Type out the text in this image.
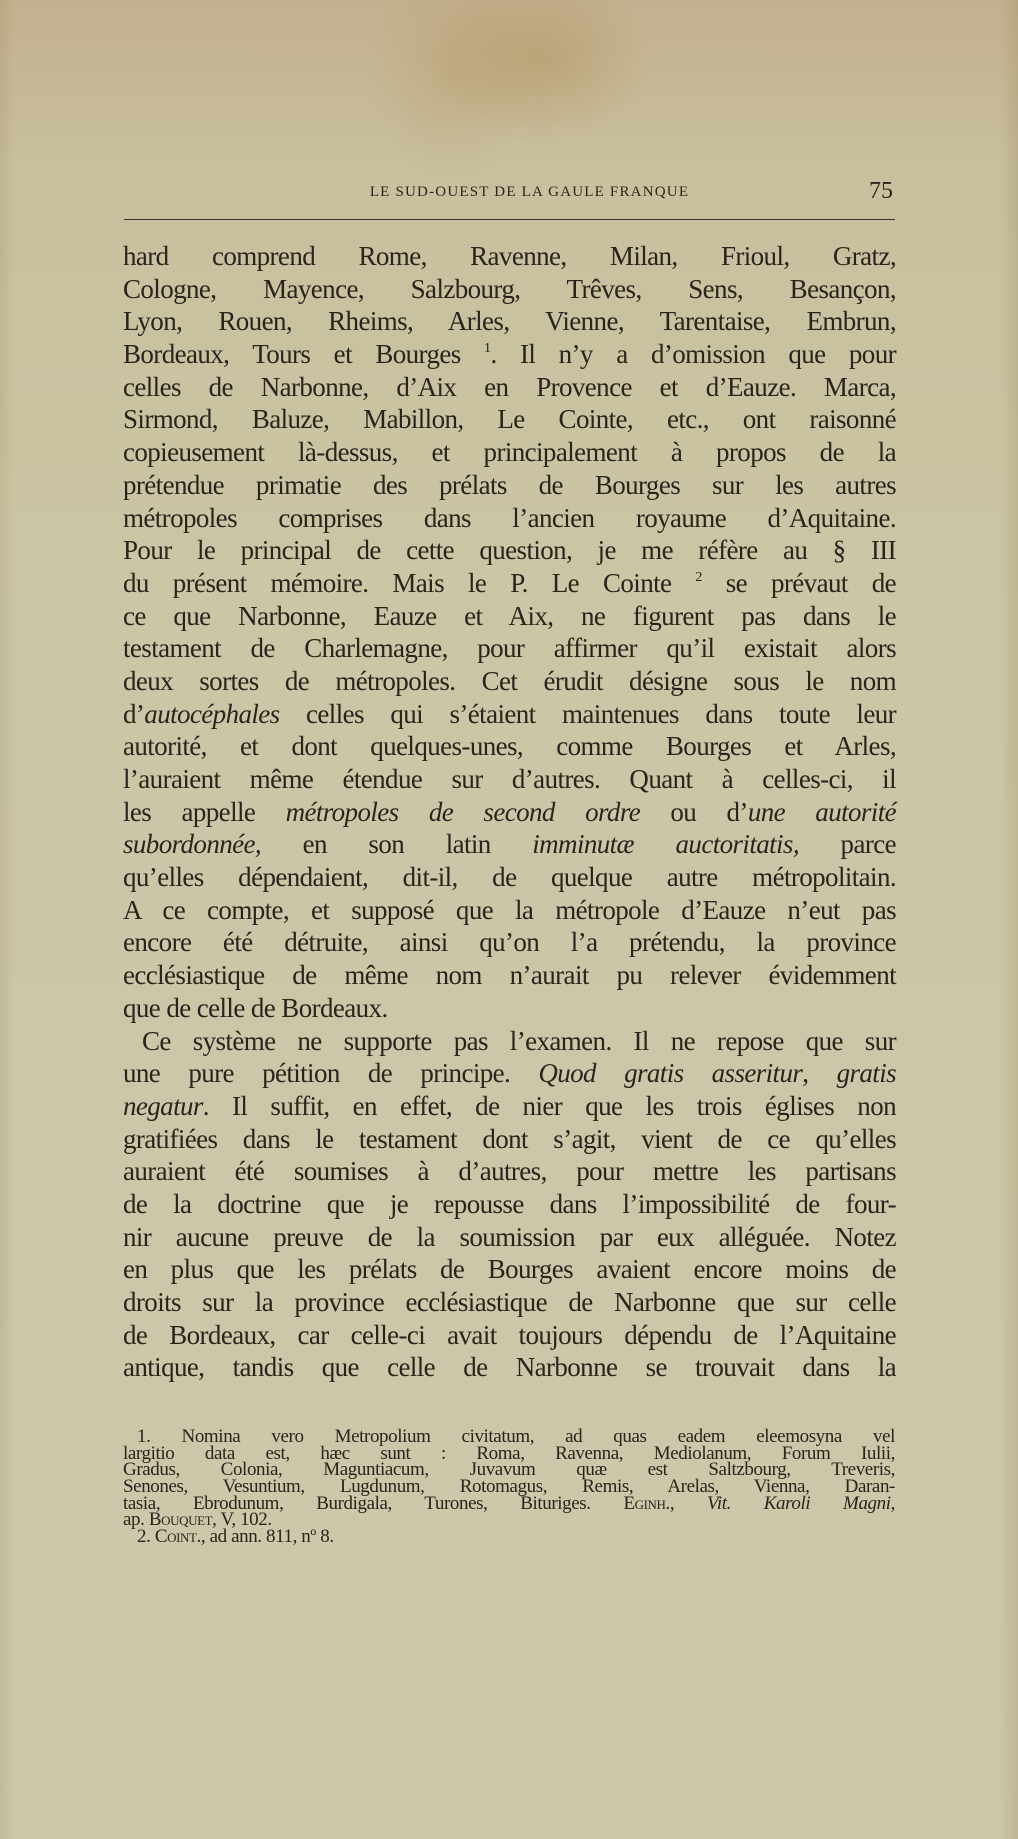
LE SUD-OUEST DE LA GAULE FRANQUE	75
hard comprend Rome, Ravenne, Milan, Frioul, Gratz,
Cologne, Mayence, Salzbourg, Trêves, Sens, Besançon,
Lyon, Rouen, Rheims, Arles, Vienne, Tarentaise, Embrun,
Bordeaux, Tours et Bourges $^1$. Il n’y a d’omission que pour
celles de Narbonne, d’Aix en Provence et d’Eauze. Marca,
Sirmond, Baluze, Mabillon, Le Cointe, etc., ont raisonné
copieusement là-dessus, et principalement à propos de la
prétendue primatie des prélats de Bourges sur les autres
métropoles comprises dans l’ancien royaume d’Aquitaine.
Pour le principal de cette question, je me réfère au § III
du présent mémoire. Mais le P. Le Cointe $^2$ se prévaut de
ce que Narbonne, Eauze et Aix, ne figurent pas dans le
testament de Charlemagne, pour affirmer qu’il existait alors
deux sortes de métropoles. Cet érudit désigne sous le nom
d’autocéphales celles qui s’étaient maintenues dans toute leur
autorité, et dont quelques-unes, comme Bourges et Arles,
l’auraient même étendue sur d’autres. Quant à celles-ci, il
les appelle métropoles de second ordre ou d’une autorité
subordonnée, en son latin imminutæ auctoritatis, parce
qu’elles dépendaient, dit-il, de quelque autre métropolitain.
A ce compte, et supposé que la métropole d’Eauze n’eut pas
encore été détruite, ainsi qu’on l’a prétendu, la province
ecclésiastique de même nom n’aurait pu relever évidemment
que de celle de Bordeaux.
Ce système ne supporte pas l’examen. Il ne repose que sur
une pure pétition de principe. Quod gratis asseritur, gratis
negatur. Il suffit, en effet, de nier que les trois églises non
gratifiées dans le testament dont s’agit, vient de ce qu’elles
auraient été soumises à d’autres, pour mettre les partisans
de la doctrine que je repousse dans l’impossibilité de four-
nir aucune preuve de la soumission par eux alléguée. Notez
en plus que les prélats de Bourges avaient encore moins de
droits sur la province ecclésiastique de Narbonne que sur celle
de Bordeaux, car celle-ci avait toujours dépendu de l’Aquitaine
antique, tandis que celle de Narbonne se trouvait dans la
1. Nomina vero Metropolium civitatum, ad quas eadem eleemosyna vel
largitio data est, hæc sunt : Roma, Ravenna, Mediolanum, Forum Iulii,
Gradus, Colonia, Maguntiacum, Juvavum quæ est Saltzbourg, Treveris,
Senones, Vesuntium, Lugdunum, Rotomagus, Remis, Arelas, Vienna, Daran-
tasia, Ebrodunum, Burdigala, Turones, Bituriges. Eginh., Vit. Karoli Magni,
ap. Bouquet, V, 102.
2. Coint., ad ann. 811, nº 8.
